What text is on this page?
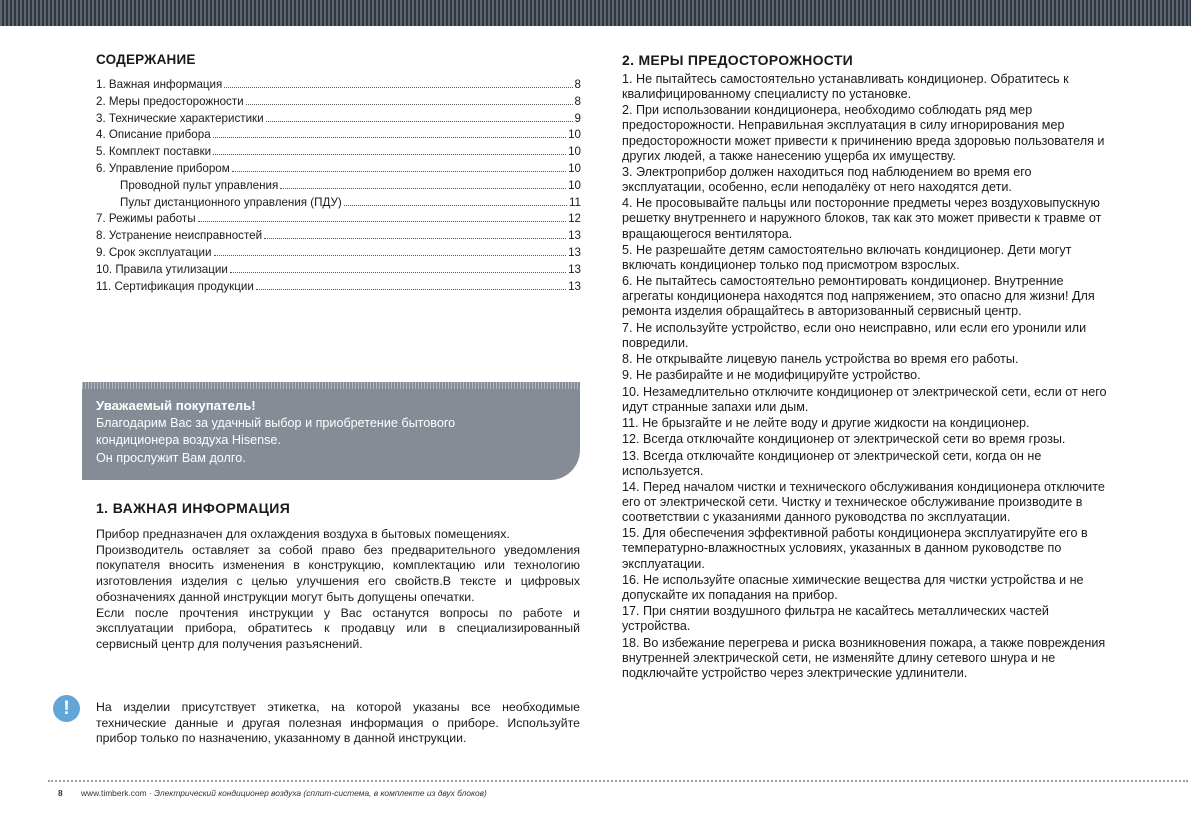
СОДЕРЖАНИЕ
1. Важная информация	8
2. Меры предосторожности	8
3. Технические характеристики	9
4. Описание прибора	10
5. Комплект поставки	10
6. Управление прибором	10
Проводной пульт управления	10
Пульт дистанционного управления (ПДУ)	11
7. Режимы работы	12
8. Устранение неисправностей	13
9. Срок эксплуатации	13
10. Правила утилизации	13
11. Сертификация продукции	13
Уважаемый покупатель!
Благодарим Вас за удачный выбор и приобретение бытового
кондиционера воздуха Hisense.
Он прослужит Вам долго.
1. ВАЖНАЯ ИНФОРМАЦИЯ

Прибор предназначен для охлаждения воздуха в бытовых помещениях.

Производитель оставляет за собой право без предварительного уведомления покупателя вносить изменения в конструкцию, комплектацию или технологию изготовления изделия с целью улучшения его свойств.В тексте и цифровых обозначениях данной инструкции могут быть допущены опечатки.

Если после прочтения инструкции у Вас останутся вопросы по работе и эксплуатации прибора, обратитесь к продавцу или в специализированный сервисный центр для получения разъяснений.

!	На изделии присутствует этикетка, на которой указаны все необходимые технические данные и другая полезная информация о приборе. Используйте прибор только по назначению, указанному в данной инструкции.

2. МЕРЫ ПРЕДОСТОРОЖНОСТИ
1. Не пытайтесь самостоятельно устанавливать кондиционер. Обратитесь к квалифицированному специалисту по установке.
2. При использовании кондиционера, необходимо соблюдать ряд мер предосторожности. Неправильная эксплуатация в силу игнорирования мер предосторожности может привести к причинению вреда здоровью пользователя и других людей, а также нанесению ущерба их имуществу.
3. Электроприбор должен находиться под наблюдением во время его эксплуатации, особенно, если неподалёку от него находятся дети.
4. Не просовывайте пальцы или посторонние предметы через воздуховыпускную решетку внутреннего и наружного блоков, так как это может привести к травме от вращающегося вентилятора.
5. Не разрешайте детям самостоятельно включать кондиционер. Дети могут включать кондиционер только под присмотром взрослых.
6. Не пытайтесь самостоятельно ремонтировать кондиционер. Внутренние агрегаты кондиционера находятся под напряжением, это опасно для жизни! Для ремонта изделия обращайтесь в авторизованный сервисный центр.
7. Не используйте устройство, если оно неисправно, или если его уронили или повредили.
8. Не открывайте лицевую панель устройства во время его работы.
9. Не разбирайте и не модифицируйте устройство.
10. Незамедлительно отключите кондиционер от электрической сети, если от него идут странные запахи или дым.
11. Не брызгайте и не лейте воду и другие жидкости на кондиционер.
12. Всегда отключайте кондиционер от электрической сети во время грозы.
13. Всегда отключайте кондиционер от электрической сети, когда он не используется.
14. Перед началом чистки и технического обслуживания кондиционера отключите его от электрической сети. Чистку и техническое обслуживание производите в соответствии с указаниями данного руководства по эксплуатации.
15. Для обеспечения эффективной работы кондиционера эксплуатируйте его в температурно-влажностных условиях, указанных в данном руководстве по эксплуатации.
16. Не используйте опасные химические вещества для чистки устройства и не допускайте их попадания на прибор.
17. При снятии воздушного фильтра не касайтесь металлических частей устройства.
18. Во избежание перегрева и риска возникновения пожара, а также повреждения внутренней электрической сети, не изменяйте длину сетевого шнура и не подключайте устройство через электрические удлинители.
8 www.timberk.com · Электрический кондиционер воздуха (сплит-система, в комплекте из двух блоков)
